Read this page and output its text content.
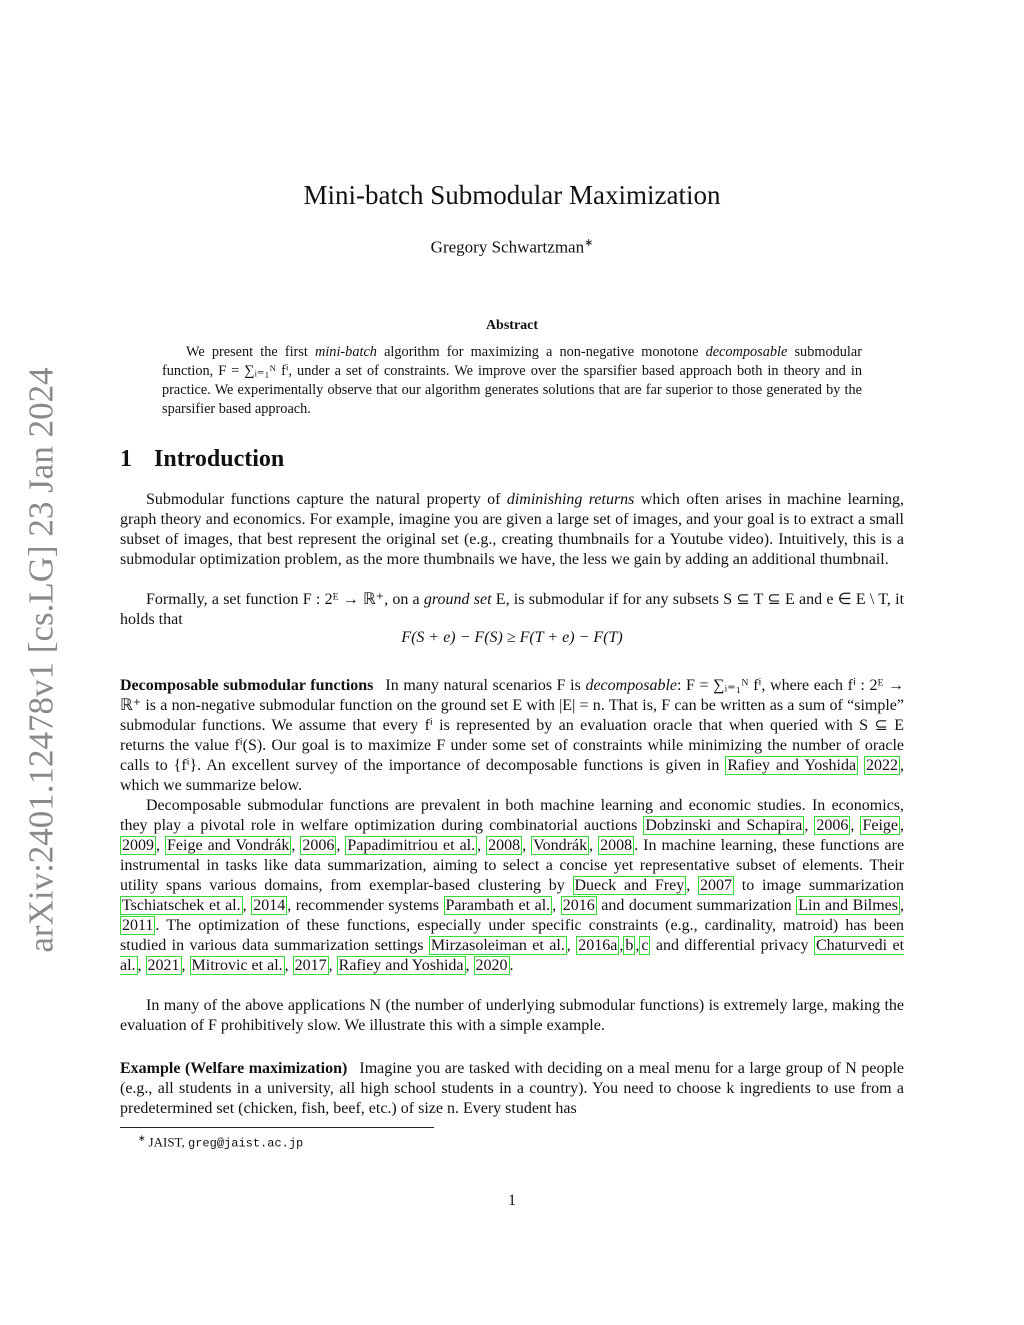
arXiv:2401.12478v1 [cs.LG] 23 Jan 2024
Mini-batch Submodular Maximization
Gregory Schwartzman∗
Abstract

We present the first mini-batch algorithm for maximizing a non-negative monotone decomposable submodular function, F = ∑ᵢ₌₁ᴺ fⁱ, under a set of constraints. We improve over the sparsifier based approach both in theory and in practice. We experimentally observe that our algorithm generates solutions that are far superior to those generated by the sparsifier based approach.

1 Introduction

Submodular functions capture the natural property of diminishing returns which often arises in machine learning, graph theory and economics. For example, imagine you are given a large set of images, and your goal is to extract a small subset of images, that best represent the original set (e.g., creating thumbnails for a Youtube video). Intuitively, this is a submodular optimization problem, as the more thumbnails we have, the less we gain by adding an additional thumbnail.

Formally, a set function F : 2ᴱ → ℝ⁺, on a ground set E, is submodular if for any subsets S ⊆ T ⊆ E and e ∈ E \ T, it holds that

F(S + e) − F(S) ≥ F(T + e) − F(T)

Decomposable submodular functions In many natural scenarios F is decomposable: F = ∑ᵢ₌₁ᴺ fⁱ, where each fⁱ : 2ᴱ → ℝ⁺ is a non-negative submodular function on the ground set E with |E| = n. That is, F can be written as a sum of “simple” submodular functions. We assume that every fⁱ is represented by an evaluation oracle that when queried with S ⊆ E returns the value fⁱ(S). Our goal is to maximize F under some set of constraints while minimizing the number of oracle calls to {fⁱ}. An excellent survey of the importance of decomposable functions is given in Rafiey and Yoshida 2022 , which we summarize below.

Decomposable submodular functions are prevalent in both machine learning and economic studies. In economics, they play a pivotal role in welfare optimization during combinatorial auctions Dobzinski and Schapira , 2006 , Feige , 2009 , Feige and Vondrák , 2006 , Papadimitriou et al. , 2008 , Vondrák , 2008 . In machine learning, these functions are instrumental in tasks like data summarization, aiming to select a concise yet representative subset of elements. Their utility spans various domains, from exemplar-based clustering by Dueck and Frey , 2007 to image summarization Tschiatschek et al. , 2014 , recommender systems Parambath et al. , 2016 and document summarization Lin and Bilmes , 2011 . The optimization of these functions, especially under specific constraints (e.g., cardinality, matroid) has been studied in various data summarization settings Mirzasoleiman et al. , 2016a , b , c and differential privacy Chaturvedi et al. , 2021 , Mitrovic et al. , 2017 , Rafiey and Yoshida , 2020 .

In many of the above applications N (the number of underlying submodular functions) is extremely large, making the evaluation of F prohibitively slow. We illustrate this with a simple example.

Example (Welfare maximization) Imagine you are tasked with deciding on a meal menu for a large group of N people (e.g., all students in a university, all high school students in a country). You need to choose k ingredients to use from a predetermined set (chicken, fish, beef, etc.) of size n. Every student has

∗ JAIST, greg@jaist.ac.jp
1
